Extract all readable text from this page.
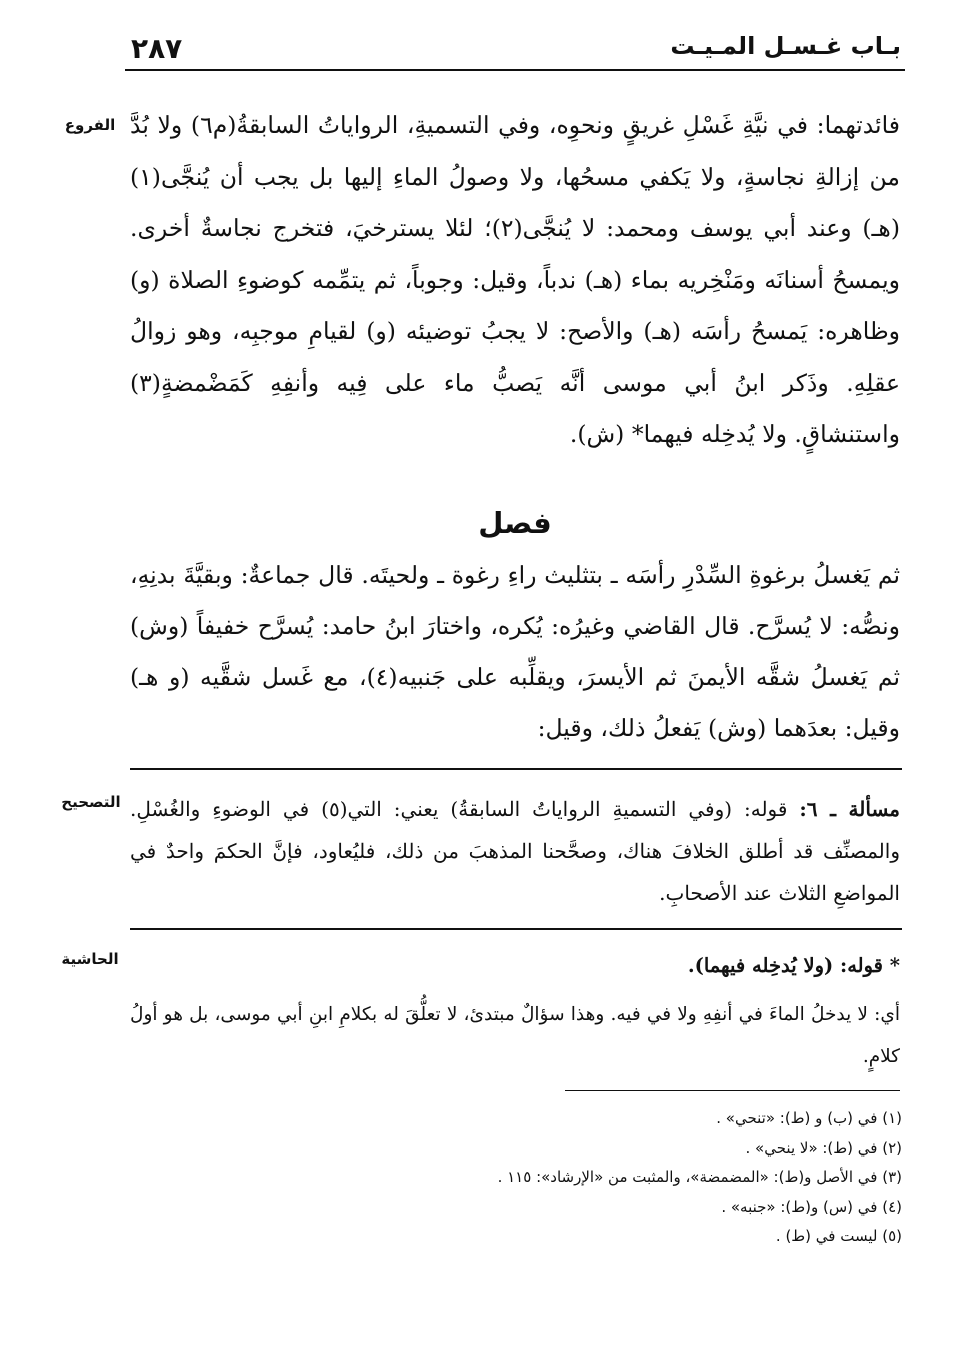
٢٨٧	بـاب غـسـل المـيـت
الفروع فائدتهما: في نيَّةِ غَسْلِ غريقٍ ونحوِه، وفي التسميةِ، الرواياتُ السابقةُ(م٦) ولا بُدَّ من إزالةِ نجاسةٍ، ولا يَكفي مسحُها، ولا وصولُ الماءِ إليها بل يجب أن يُنجَّى(١) (هـ) وعند أبي يوسف ومحمد: لا يُنجَّى(٢)؛ لئلا يسترخيَ، فتخرج نجاسةٌ أخرى. ويمسحُ أسنانَه ومَنْخِريه بماء (هـ) ندباً، وقيل: وجوباً، ثم يتمِّمه كوضوءِ الصلاة (و) وظاهره: يَمسحُ رأسَه (هـ) والأصح: لا يجبُ توضيئه (و) لقيامِ موجبِه، وهو زوالُ عقلِهِ. وذَكر ابنُ أبي موسى أنَّه يَصبُّ ماء على فِيه وأنفِهِ كَمَضْمضةٍ(٣) واستنشاقٍ. ولا يُدخِله فيهما* (ش).

فصل

ثم يَغسلُ برغوةِ السِّدْرِ رأسَه ـ بتثليث راءِ رغوة ـ ولحيتَه. قال جماعةٌ: وبقيَّةَ بدنِهِ، ونصُّه: لا يُسرَّح. قال القاضي وغيرُه: يُكره، واختارَ ابنُ حامد: يُسرَّح خفيفاً (وش) ثم يَغسلُ شقَّه الأيمنَ ثم الأيسرَ، ويقلِّبه على جَنبيه(٤)، مع غَسل شقَّيه (و هـ) وقيل: بعدَهما (وش) يَفعلُ ذلك، وقيل:

التصحيح	مسألة ـ ٦: قوله: (وفي التسميةِ الرواياتُ السابقةُ) يعني: التي(٥) في الوضوءِ والغُسْلِ. والمصنِّف قد أطلق الخلافَ هناك، وصحَّحنا المذهبَ من ذلك، فليُعاود، فإنَّ الحكمَ واحدٌ في المواضعِ الثلاث عند الأصحابِ.

الحاشية	* قوله: (ولا يُدخِله فيهما).

أي: لا يدخلُ الماءَ في أنفِهِ ولا في فيه. وهذا سؤالٌ مبتدئ، لا تعلُّقَ له بكلامِ ابنِ أبي موسى، بل هو أولُ كلامٍ.

(١) في (ب) و (ط): «تنحي» .
(٢) في (ط): «لا ينحي» .
(٣) في الأصل و(ط): «المضمضة»، والمثبت من «الإرشاد»: ١١٥ .
(٤) في (س) و(ط): «جنبه» .
(٥) ليست في (ط) .
